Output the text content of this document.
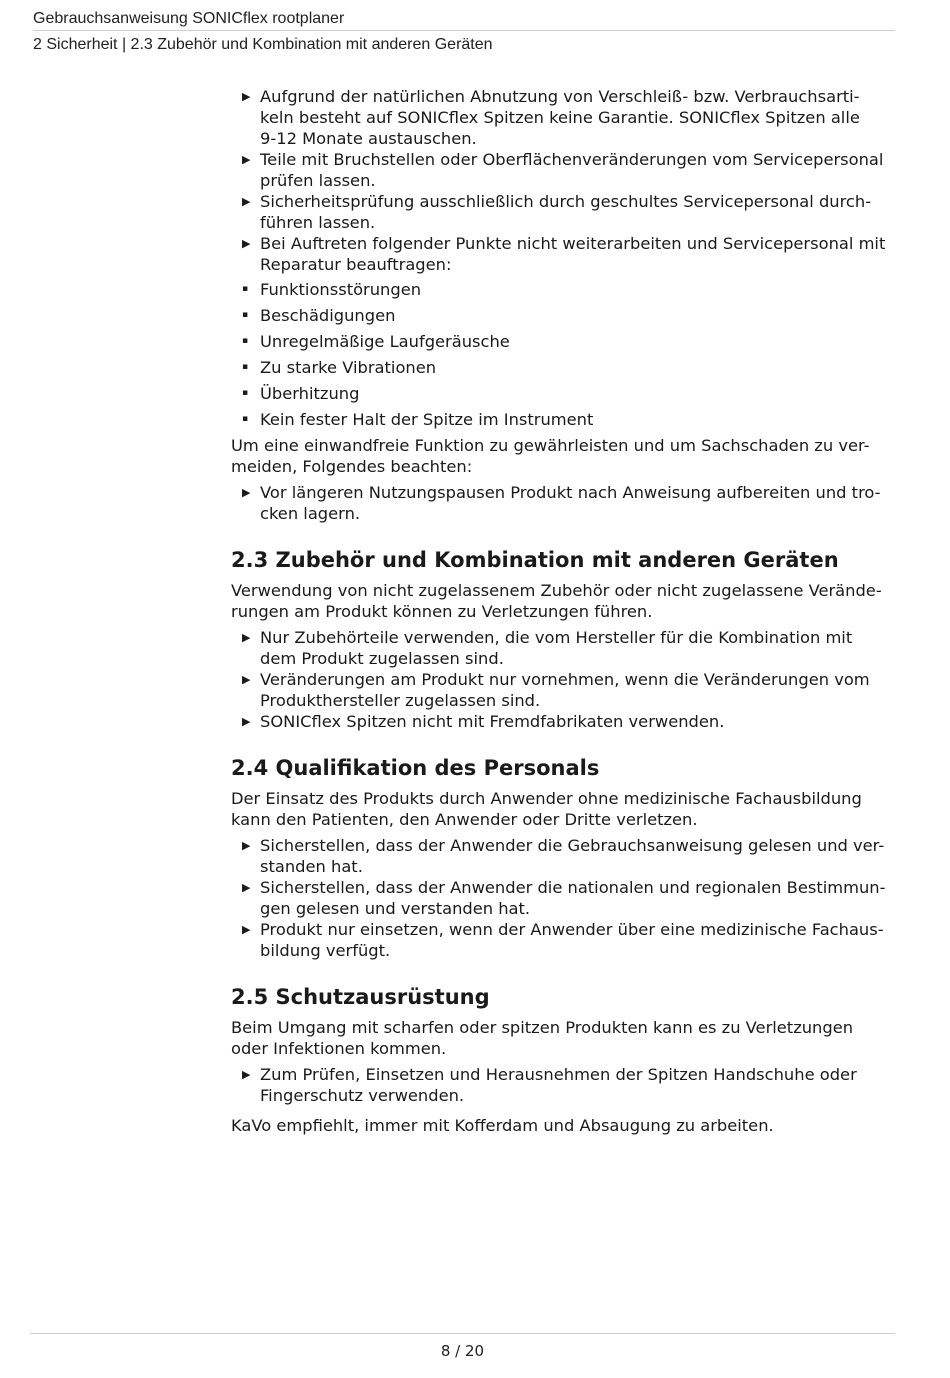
Gebrauchsanweisung SONICflex rootplaner
2 Sicherheit | 2.3 Zubehör und Kombination mit anderen Geräten
▶ Aufgrund der natürlichen Abnutzung von Verschleiß- bzw. Verbrauchsarti-
keln besteht auf SONICflex Spitzen keine Garantie. SONICflex Spitzen alle
9-12 Monate austauschen.
▶ Teile mit Bruchstellen oder Oberflächenveränderungen vom Servicepersonal
prüfen lassen.
▶ Sicherheitsprüfung ausschließlich durch geschultes Servicepersonal durch-
führen lassen.
▶ Bei Auftreten folgender Punkte nicht weiterarbeiten und Servicepersonal mit
Reparatur beauftragen:
▪ Funktionsstörungen
▪ Beschädigungen
▪ Unregelmäßige Laufgeräusche
▪ Zu starke Vibrationen
▪ Überhitzung
▪ Kein fester Halt der Spitze im Instrument

Um eine einwandfreie Funktion zu gewährleisten und um Sachschaden zu ver-
meiden, Folgendes beachten:

▶ Vor längeren Nutzungspausen Produkt nach Anweisung aufbereiten und tro-
cken lagern.
2.3 Zubehör und Kombination mit anderen Geräten

Verwendung von nicht zugelassenem Zubehör oder nicht zugelassene Verände-
rungen am Produkt können zu Verletzungen führen.

▶ Nur Zubehörteile verwenden, die vom Hersteller für die Kombination mit
dem Produkt zugelassen sind.
▶ Veränderungen am Produkt nur vornehmen, wenn die Veränderungen vom
Produkthersteller zugelassen sind.
▶ SONICflex Spitzen nicht mit Fremdfabrikaten verwenden.
2.4 Qualifikation des Personals

Der Einsatz des Produkts durch Anwender ohne medizinische Fachausbildung
kann den Patienten, den Anwender oder Dritte verletzen.

▶ Sicherstellen, dass der Anwender die Gebrauchsanweisung gelesen und ver-
standen hat.
▶ Sicherstellen, dass der Anwender die nationalen und regionalen Bestimmun-
gen gelesen und verstanden hat.
▶ Produkt nur einsetzen, wenn der Anwender über eine medizinische Fachaus-
bildung verfügt.
2.5 Schutzausrüstung

Beim Umgang mit scharfen oder spitzen Produkten kann es zu Verletzungen
oder Infektionen kommen.

▶ Zum Prüfen, Einsetzen und Herausnehmen der Spitzen Handschuhe oder
Fingerschutz verwenden.

KaVo empfiehlt, immer mit Kofferdam und Absaugung zu arbeiten.

8 / 20
